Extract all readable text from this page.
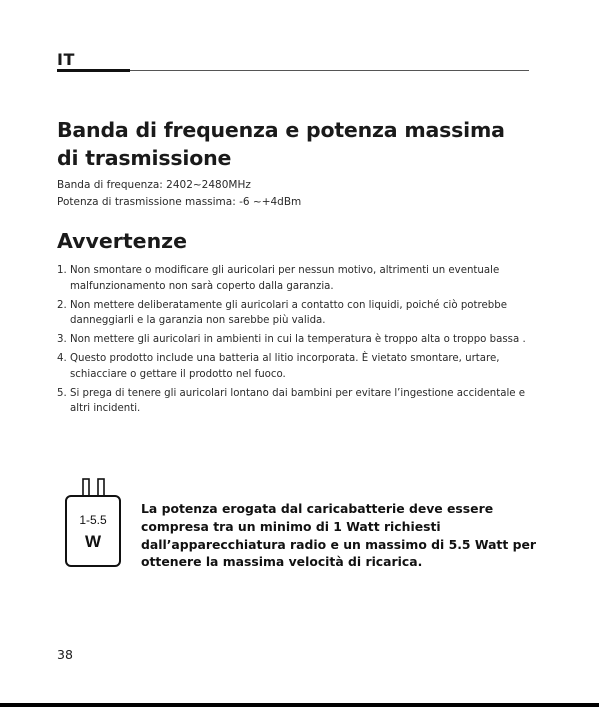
IT
Banda di frequenza e potenza massima di trasmissione
Banda di frequenza: 2402~2480MHz
Potenza di trasmissione massima: -6 ~+4dBm
Avvertenze
1. Non smontare o modificare gli auricolari per nessun motivo, altrimenti un eventuale malfunzionamento non sarà coperto dalla garanzia.
2. Non mettere deliberatamente gli auricolari a contatto con liquidi, poiché ciò potrebbe danneggiarli e la garanzia non sarebbe più valida.
3. Non mettere gli auricolari in ambienti in cui la temperatura è troppo alta o troppo bassa .
4. Questo prodotto include una batteria al litio incorporata. È vietato smontare, urtare, schiacciare o gettare il prodotto nel fuoco.
5. Si prega di tenere gli auricolari lontano dai bambini per evitare l’ingestione accidentale e altri incidenti.
1-5.5
W

La potenza erogata dal caricabatterie deve essere compresa tra un minimo di 1 Watt richiesti dall’apparecchiatura radio e un massimo di 5.5 Watt per ottenere la massima velocità di ricarica.

38
